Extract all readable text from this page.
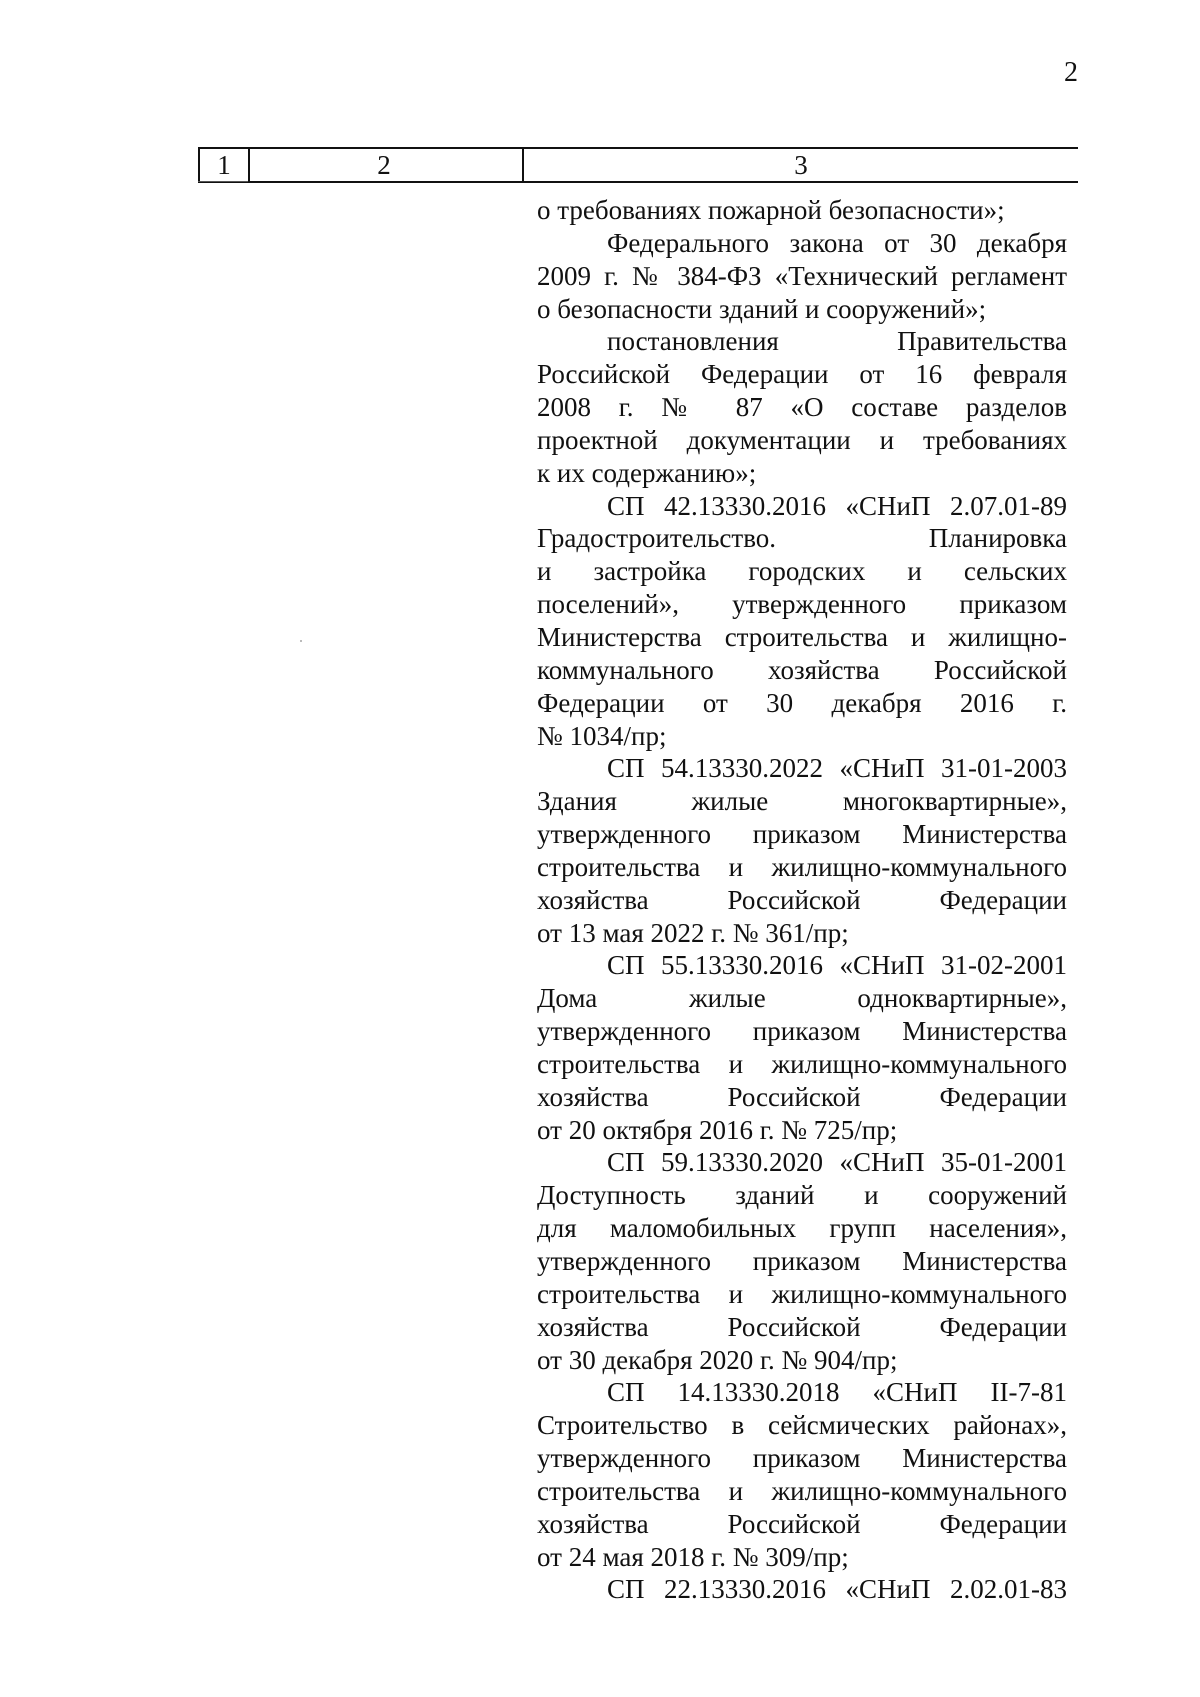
2
1	2	3
о требованиях пожарной безопасности»;
Федерального закона от 30 декабря
2009 г. № 384-ФЗ «Технический регламент
о безопасности зданий и сооружений»;
постановления Правительства
Российской Федерации от 16 февраля
2008 г. № 87 «О составе разделов
проектной документации и требованиях
к их содержанию»;
СП 42.13330.2016 «СНиП 2.07.01-89
Градостроительство. Планировка
и застройка городских и сельских
поселений», утвержденного приказом
Министерства строительства и жилищно-
коммунального хозяйства Российской
Федерации от 30 декабря 2016 г.
№ 1034/пр;
СП 54.13330.2022 «СНиП 31-01-2003
Здания жилые многоквартирные»,
утвержденного приказом Министерства
строительства и жилищно-коммунального
хозяйства Российской Федерации
от 13 мая 2022 г. № 361/пр;
СП 55.13330.2016 «СНиП 31-02-2001
Дома жилые одноквартирные»,
утвержденного приказом Министерства
строительства и жилищно-коммунального
хозяйства Российской Федерации
от 20 октября 2016 г. № 725/пр;
СП 59.13330.2020 «СНиП 35-01-2001
Доступность зданий и сооружений
для маломобильных групп населения»,
утвержденного приказом Министерства
строительства и жилищно-коммунального
хозяйства Российской Федерации
от 30 декабря 2020 г. № 904/пр;
СП 14.13330.2018 «СНиП II-7-81
Строительство в сейсмических районах»,
утвержденного приказом Министерства
строительства и жилищно-коммунального
хозяйства Российской Федерации
от 24 мая 2018 г. № 309/пр;
СП 22.13330.2016 «СНиП 2.02.01-83
